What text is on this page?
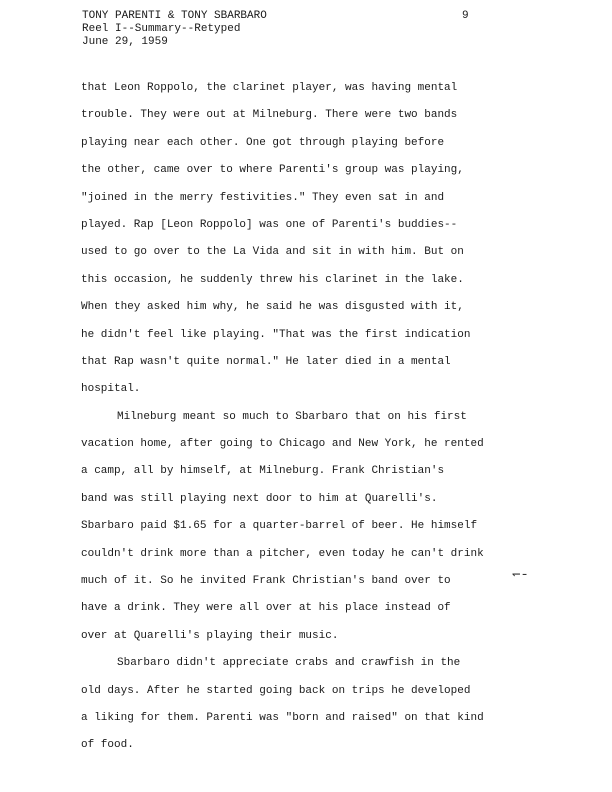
TONY PARENTI & TONY SBARBARO
Reel I--Summary--Retyped
June 29, 1959
9
that Leon Roppolo, the clarinet player, was having mental
trouble. They were out at Milneburg. There were two bands
playing near each other. One got through playing before
the other, came over to where Parenti's group was playing,
"joined in the merry festivities." They even sat in and
played. Rap [Leon Roppolo] was one of Parenti's buddies--
used to go over to the La Vida and sit in with him. But on
this occasion, he suddenly threw his clarinet in the lake.
When they asked him why, he said he was disgusted with it,
he didn't feel like playing. "That was the first indication
that Rap wasn't quite normal." He later died in a mental
hospital.
Milneburg meant so much to Sbarbaro that on his first
vacation home, after going to Chicago and New York, he rented
a camp, all by himself, at Milneburg. Frank Christian's
band was still playing next door to him at Quarelli's.
Sbarbaro paid $1.65 for a quarter-barrel of beer. He himself
couldn't drink more than a pitcher, even today he can't drink
much of it. So he invited Frank Christian's band over to
have a drink. They were all over at his place instead of
over at Quarelli's playing their music.
Sbarbaro didn't appreciate crabs and crawfish in the
old days. After he started going back on trips he developed
a liking for them. Parenti was "born and raised" on that kind
of food.
↽‐
